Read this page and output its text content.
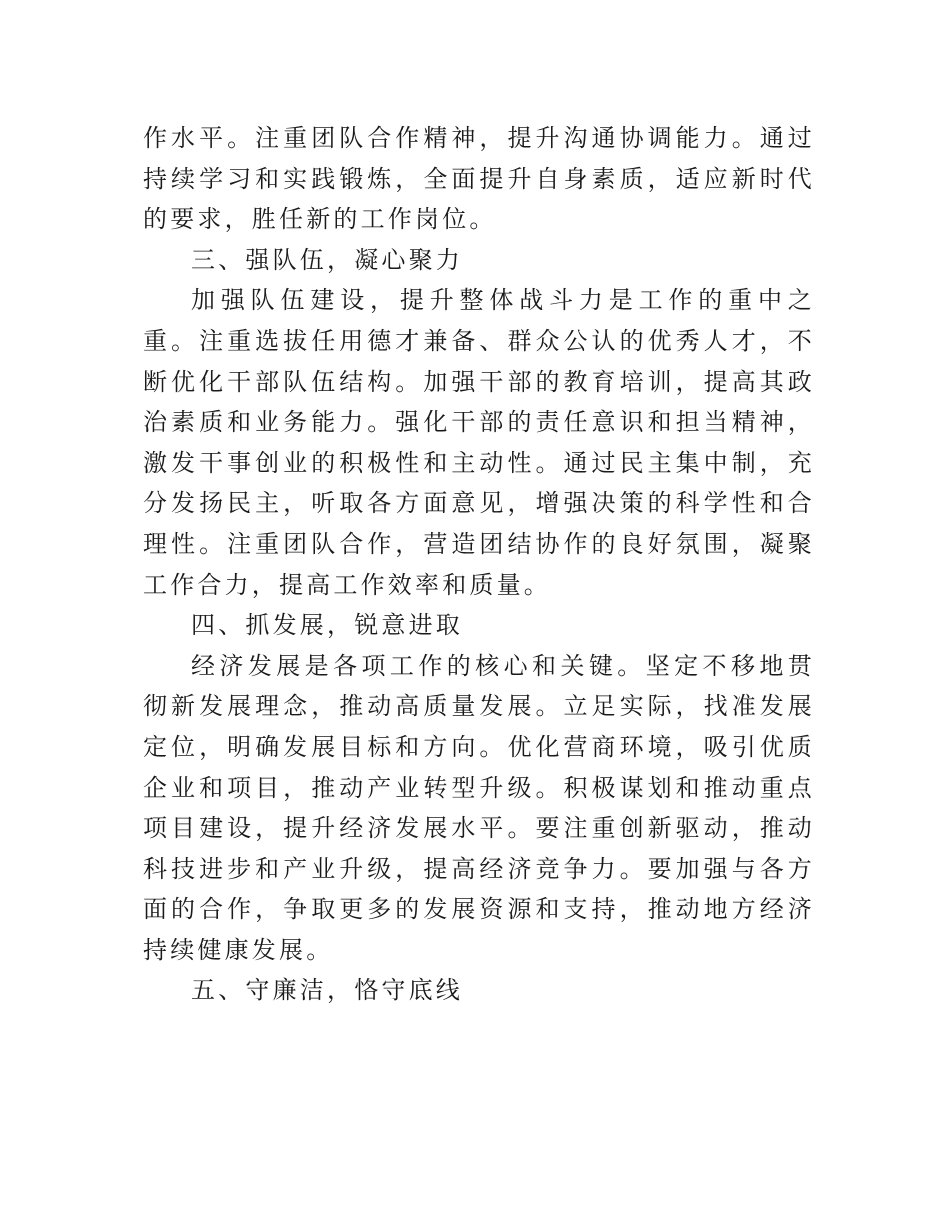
作水平。注重团队合作精神，提升沟通协调能力。通过持续学习和实践锻炼，全面提升自身素质，适应新时代的要求，胜任新的工作岗位。

三、强队伍，凝心聚力

加强队伍建设，提升整体战斗力是工作的重中之重。注重选拔任用德才兼备、群众公认的优秀人才，不断优化干部队伍结构。加强干部的教育培训，提高其政治素质和业务能力。强化干部的责任意识和担当精神，激发干事创业的积极性和主动性。通过民主集中制，充分发扬民主，听取各方面意见，增强决策的科学性和合理性。注重团队合作，营造团结协作的良好氛围，凝聚工作合力，提高工作效率和质量。

四、抓发展，锐意进取

经济发展是各项工作的核心和关键。坚定不移地贯彻新发展理念，推动高质量发展。立足实际，找准发展定位，明确发展目标和方向。优化营商环境，吸引优质企业和项目，推动产业转型升级。积极谋划和推动重点项目建设，提升经济发展水平。要注重创新驱动，推动科技进步和产业升级，提高经济竞争力。要加强与各方面的合作，争取更多的发展资源和支持，推动地方经济持续健康发展。

五、守廉洁，恪守底线
